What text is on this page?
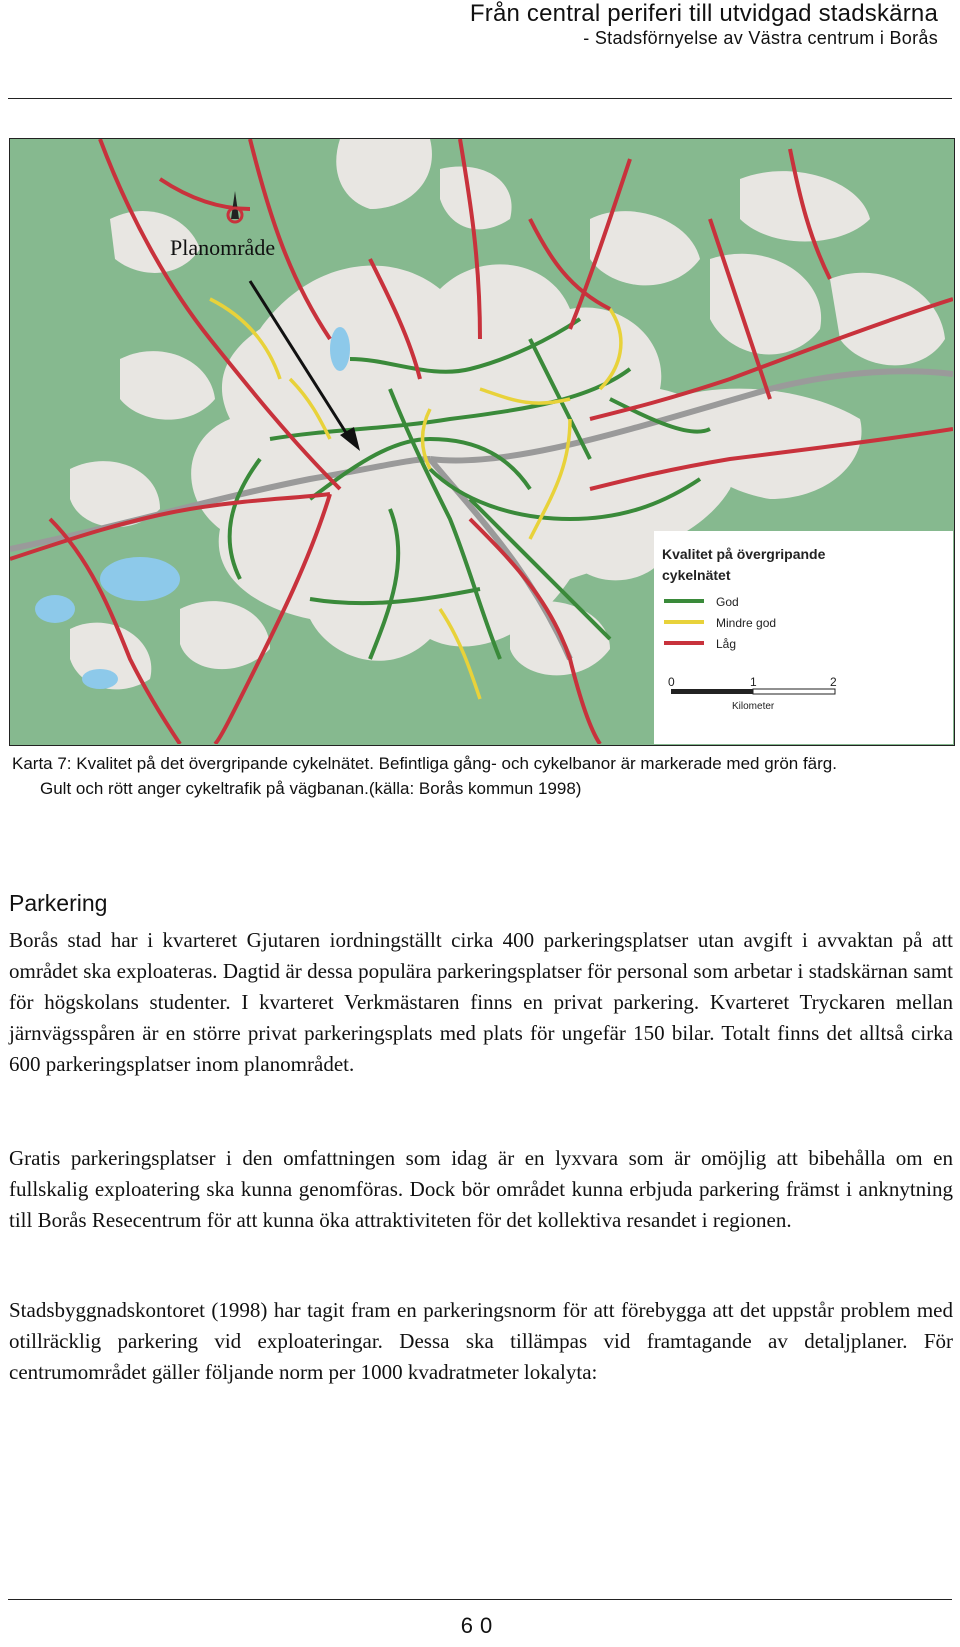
Från central periferi till utvidgad stadskärna
- Stadsförnyelse av Västra centrum i Borås
Planområde
Kvalitet på övergripande
cykelnätet
God
Mindre god
Låg
0	1	2
Kilometer
Karta 7: Kvalitet på det övergripande cykelnätet. Befintliga gång- och cykelbanor är markerade med grön färg.
Gult och rött anger cykeltrafik på vägbanan.(källa: Borås kommun 1998)
Parkering

Borås stad har i kvarteret Gjutaren iordningställt cirka 400 parkeringsplatser utan avgift i avvaktan på att området ska exploateras. Dagtid är dessa populära parkeringsplatser för personal som arbetar i stadskärnan samt för högskolans studenter. I kvarteret Verkmästaren finns en privat parkering. Kvarteret Tryckaren mellan järnvägsspåren är en större privat parkeringsplats med plats för ungefär 150 bilar. Totalt finns det alltså cirka 600 parkeringsplatser inom planområdet.

Gratis parkeringsplatser i den omfattningen som idag är en lyxvara som är omöjlig att bibehålla om en fullskalig exploatering ska kunna genomföras. Dock bör området kunna erbjuda parkering främst i anknytning till Borås Resecentrum för att kunna öka attraktiviteten för det kollektiva resandet i regionen.

Stadsbyggnadskontoret (1998) har tagit fram en parkeringsnorm för att förebygga att det uppstår problem med otillräcklig parkering vid exploateringar. Dessa ska tillämpas vid framtagande av detaljplaner. För centrumområdet gäller följande norm per 1000 kvadratmeter lokalyta:

60
